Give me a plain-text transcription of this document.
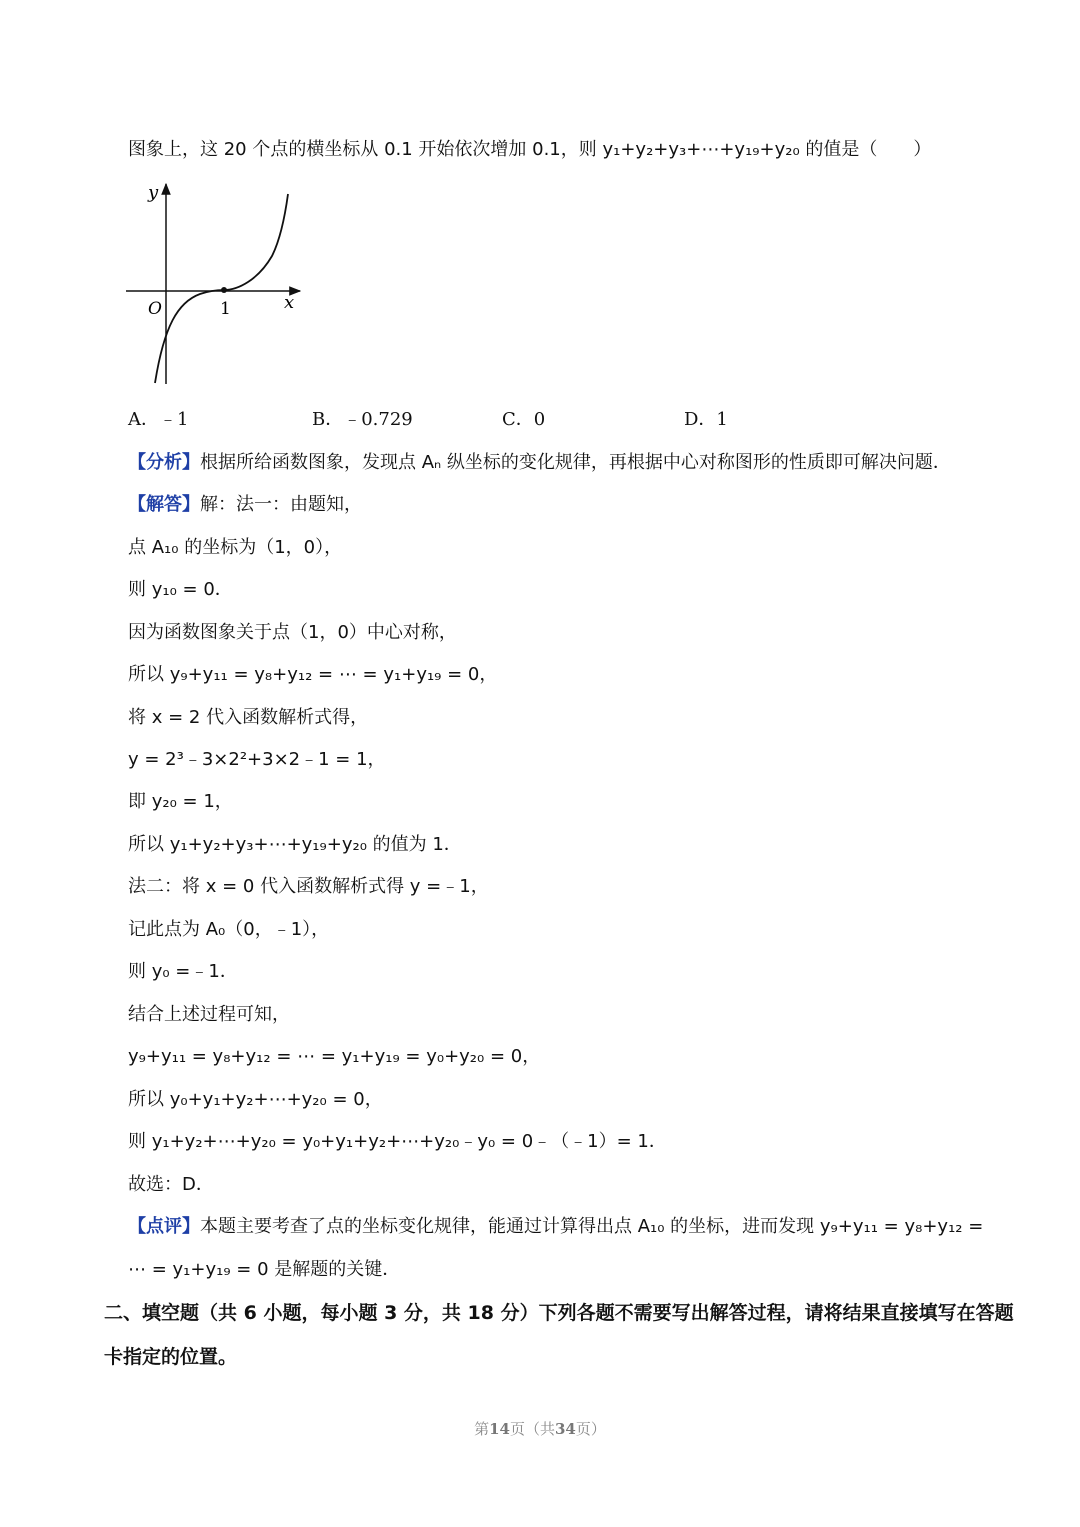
图象上，这 20 个点的横坐标从 0.1 开始依次增加 0.1，则 y₁+y₂+y₃+⋯+y₁₉+y₂₀ 的值是（　　）
y
x
O	1
A．﹣1	B．﹣0.729	C．0	D．1
【分析】根据所给函数图象，发现点 Aₙ 纵坐标的变化规律，再根据中心对称图形的性质即可解决问题．
【解答】解：法一：由题知，
点 A₁₀ 的坐标为（1，0），
则 y₁₀ = 0．
因为函数图象关于点（1，0）中心对称，
所以 y₉+y₁₁ = y₈+y₁₂ = ⋯ = y₁+y₁₉ = 0，
将 x = 2 代入函数解析式得，
y = 2³﹣3×2²+3×2﹣1 = 1，
即 y₂₀ = 1，
所以 y₁+y₂+y₃+⋯+y₁₉+y₂₀ 的值为 1．
法二：将 x = 0 代入函数解析式得 y =﹣1，
记此点为 A₀（0，﹣1），
则 y₀ =﹣1．
结合上述过程可知，
y₉+y₁₁ = y₈+y₁₂ = ⋯ = y₁+y₁₉ = y₀+y₂₀ = 0，
所以 y₀+y₁+y₂+⋯+y₂₀ = 0，
则 y₁+y₂+⋯+y₂₀ = y₀+y₁+y₂+⋯+y₂₀﹣y₀ = 0﹣（﹣1）= 1．
故选：D．
【点评】本题主要考查了点的坐标变化规律，能通过计算得出点 A₁₀ 的坐标，进而发现 y₉+y₁₁ = y₈+y₁₂ =
⋯ = y₁+y₁₉ = 0 是解题的关键．
二、填空题（共 6 小题，每小题 3 分，共 18 分）下列各题不需要写出解答过程，请将结果直接填写在答题
卡指定的位置。
第14页（共34页）
